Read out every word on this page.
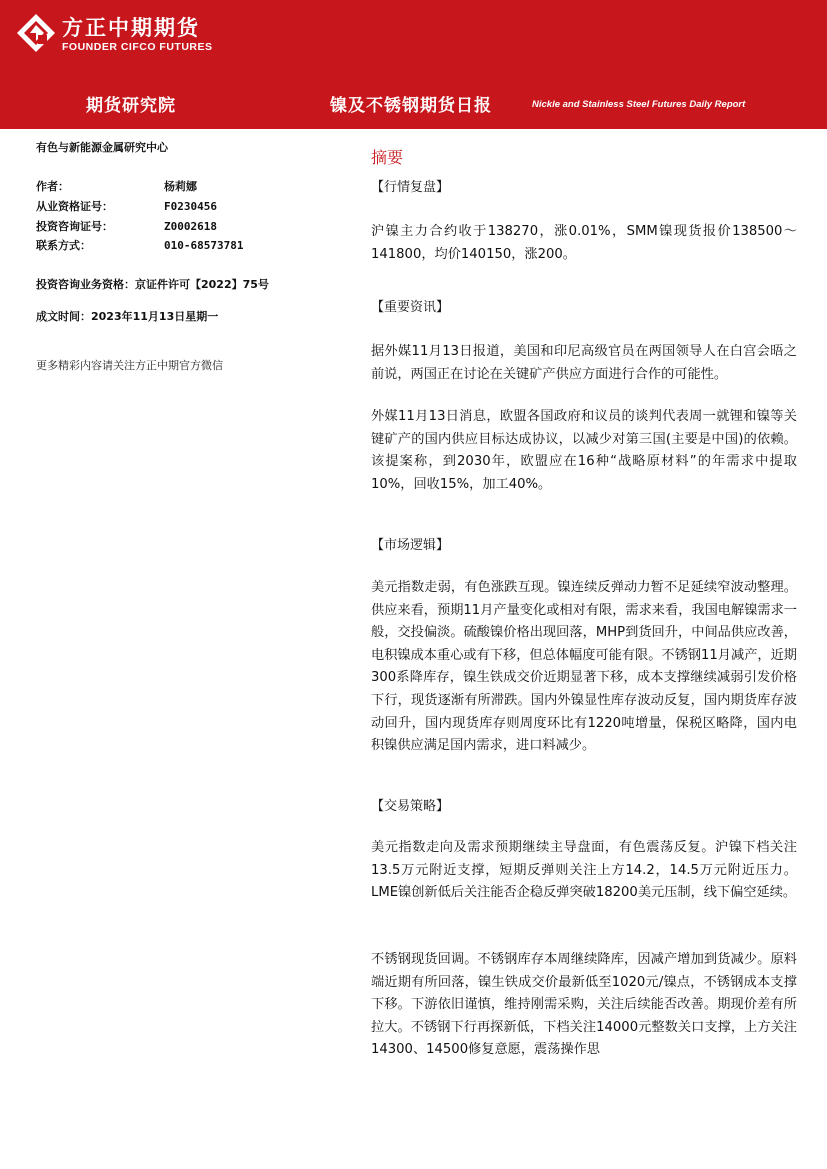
方正中期期货
FOUNDER CIFCO FUTURES
期货研究院	镍及不锈钢期货日报	Nickle and Stainless Steel Futures Daily Report
有色与新能源金属研究中心
作者：	杨莉娜
从业资格证号：	F0230456
投资咨询证号：	Z0002618
联系方式：	010-68573781
投资咨询业务资格：京证件许可【2022】75号
成文时间：2023年11月13日星期一
更多精彩内容请关注方正中期官方微信
摘要
【行情复盘】
沪镍主力合约收于138270，涨0.01%，SMM镍现货报价138500～141800，均价140150，涨200。
【重要资讯】
据外媒11月13日报道，美国和印尼高级官员在两国领导人在白宫会晤之前说，两国正在讨论在关键矿产供应方面进行合作的可能性。
外媒11月13日消息，欧盟各国政府和议员的谈判代表周一就锂和镍等关键矿产的国内供应目标达成协议，以减少对第三国(主要是中国)的依赖。该提案称，到2030年，欧盟应在16种“战略原材料”的年需求中提取10%，回收15%，加工40%。
【市场逻辑】
美元指数走弱，有色涨跌互现。镍连续反弹动力暂不足延续窄波动整理。供应来看，预期11月产量变化或相对有限，需求来看，我国电解镍需求一般，交投偏淡。硫酸镍价格出现回落，MHP到货回升，中间品供应改善，电积镍成本重心或有下移，但总体幅度可能有限。不锈钢11月减产，近期300系降库存，镍生铁成交价近期显著下移，成本支撑继续减弱引发价格下行，现货逐渐有所滞跌。国内外镍显性库存波动反复，国内期货库存波动回升，国内现货库存则周度环比有1220吨增量，保税区略降，国内电积镍供应满足国内需求，进口料减少。
【交易策略】
美元指数走向及需求预期继续主导盘面，有色震荡反复。沪镍下档关注13.5万元附近支撑，短期反弹则关注上方14.2，14.5万元附近压力。LME镍创新低后关注能否企稳反弹突破18200美元压制，线下偏空延续。
不锈钢现货回调。不锈钢库存本周继续降库，因减产增加到货减少。原料端近期有所回落，镍生铁成交价最新低至1020元/镍点，不锈钢成本支撑下移。下游依旧谨慎，维持刚需采购，关注后续能否改善。期现价差有所拉大。不锈钢下行再探新低，下档关注14000元整数关口支撑，上方关注14300、14500修复意愿，震荡操作思
